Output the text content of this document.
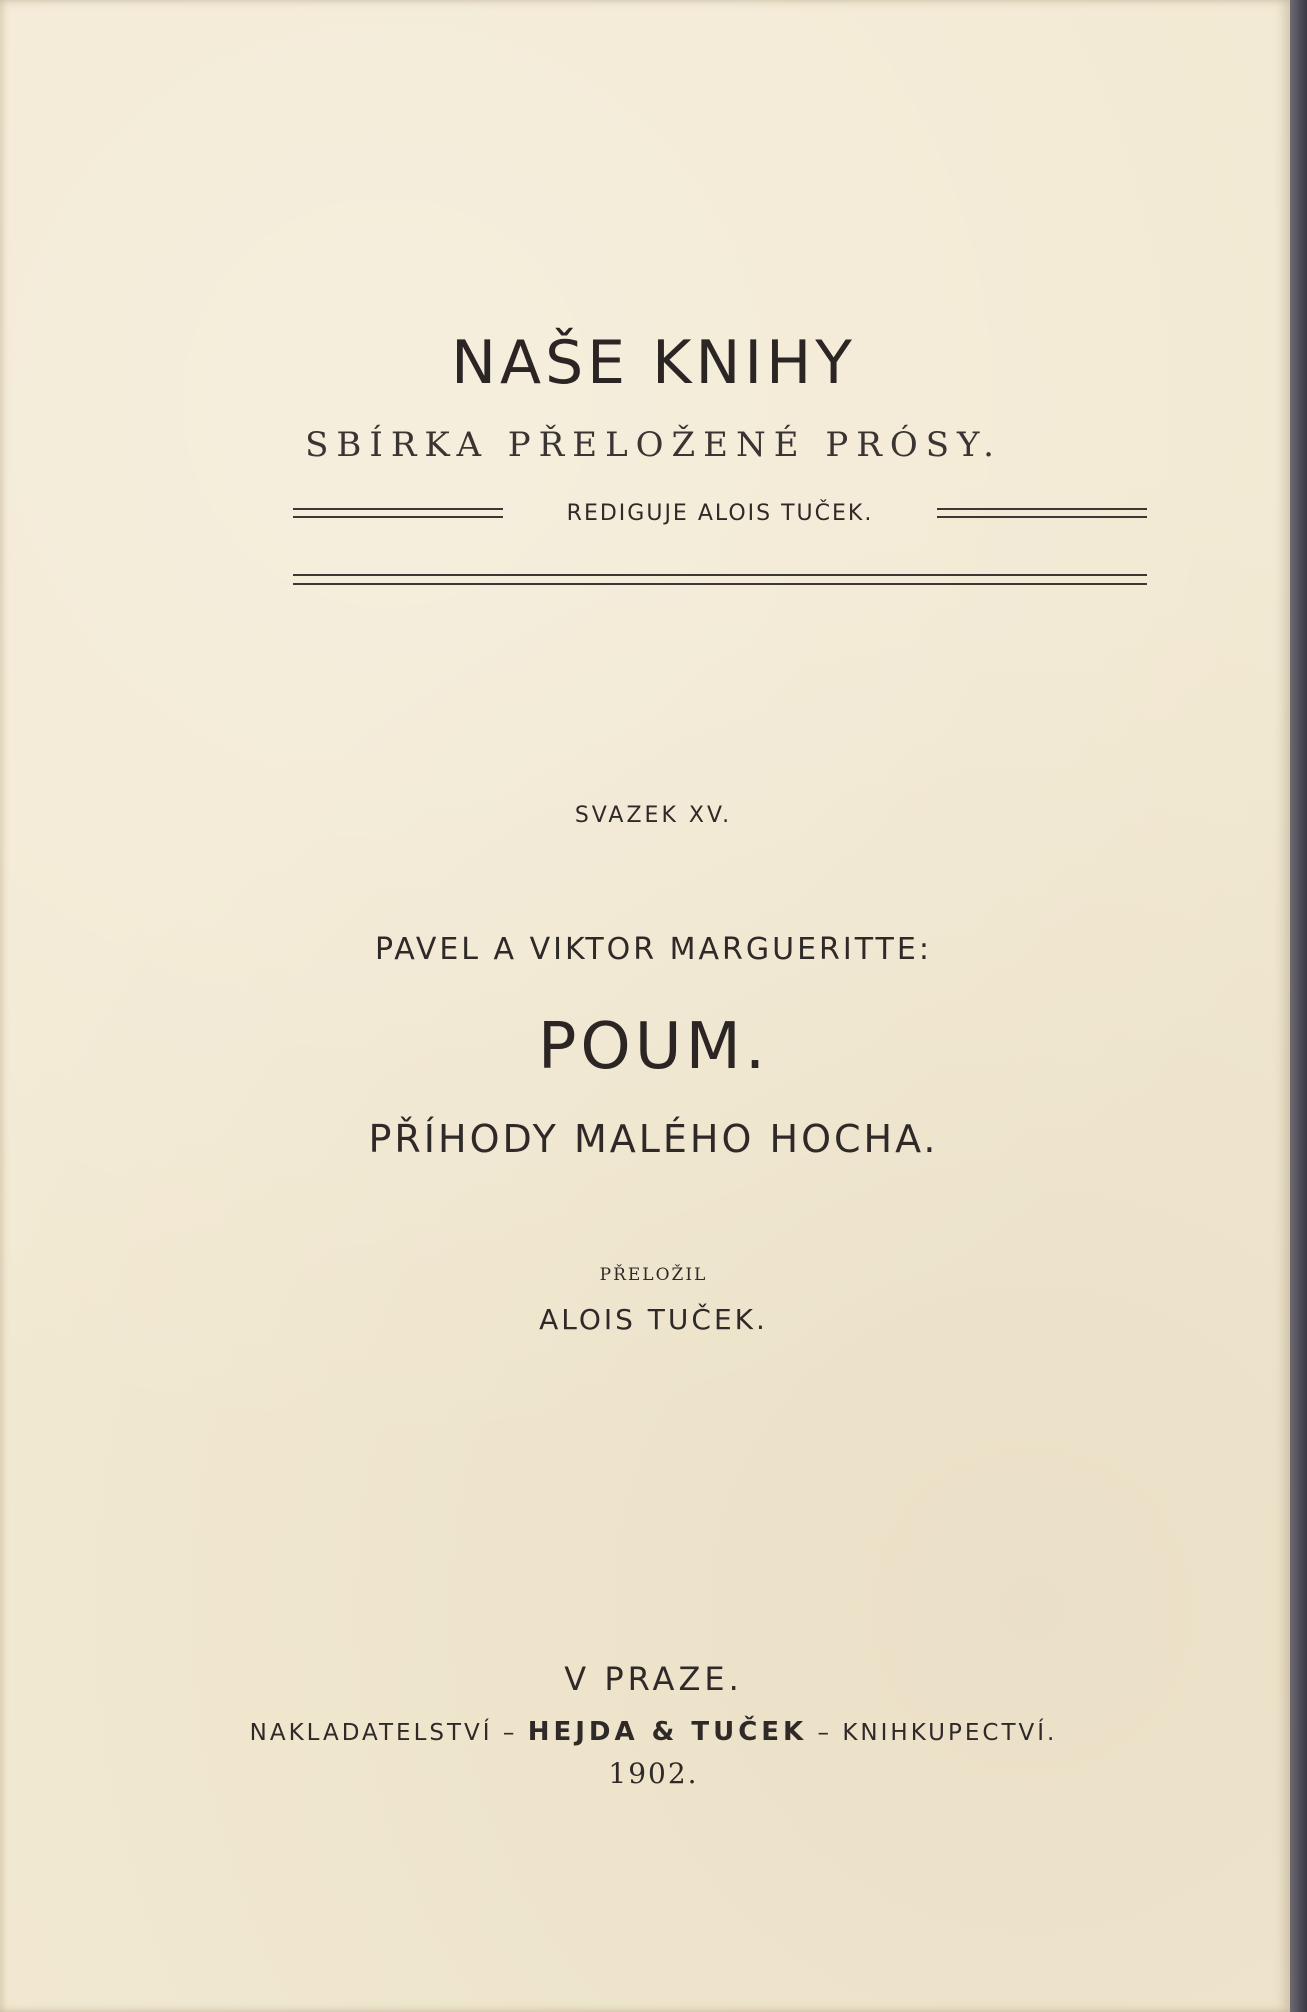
NAŠE KNIHY
SBÍRKA PŘELOŽENÉ PRÓSY.
REDIGUJE ALOIS TUČEK.
SVAZEK XV.
PAVEL A VIKTOR MARGUERITTE:
POUM.
PŘÍHODY MALÉHO HOCHA.
PŘELOŽIL
ALOIS TUČEK.
V PRAZE.
NAKLADATELSTVÍ – HEJDA & TUČEK – KNIHKUPECTVÍ.
1902.
